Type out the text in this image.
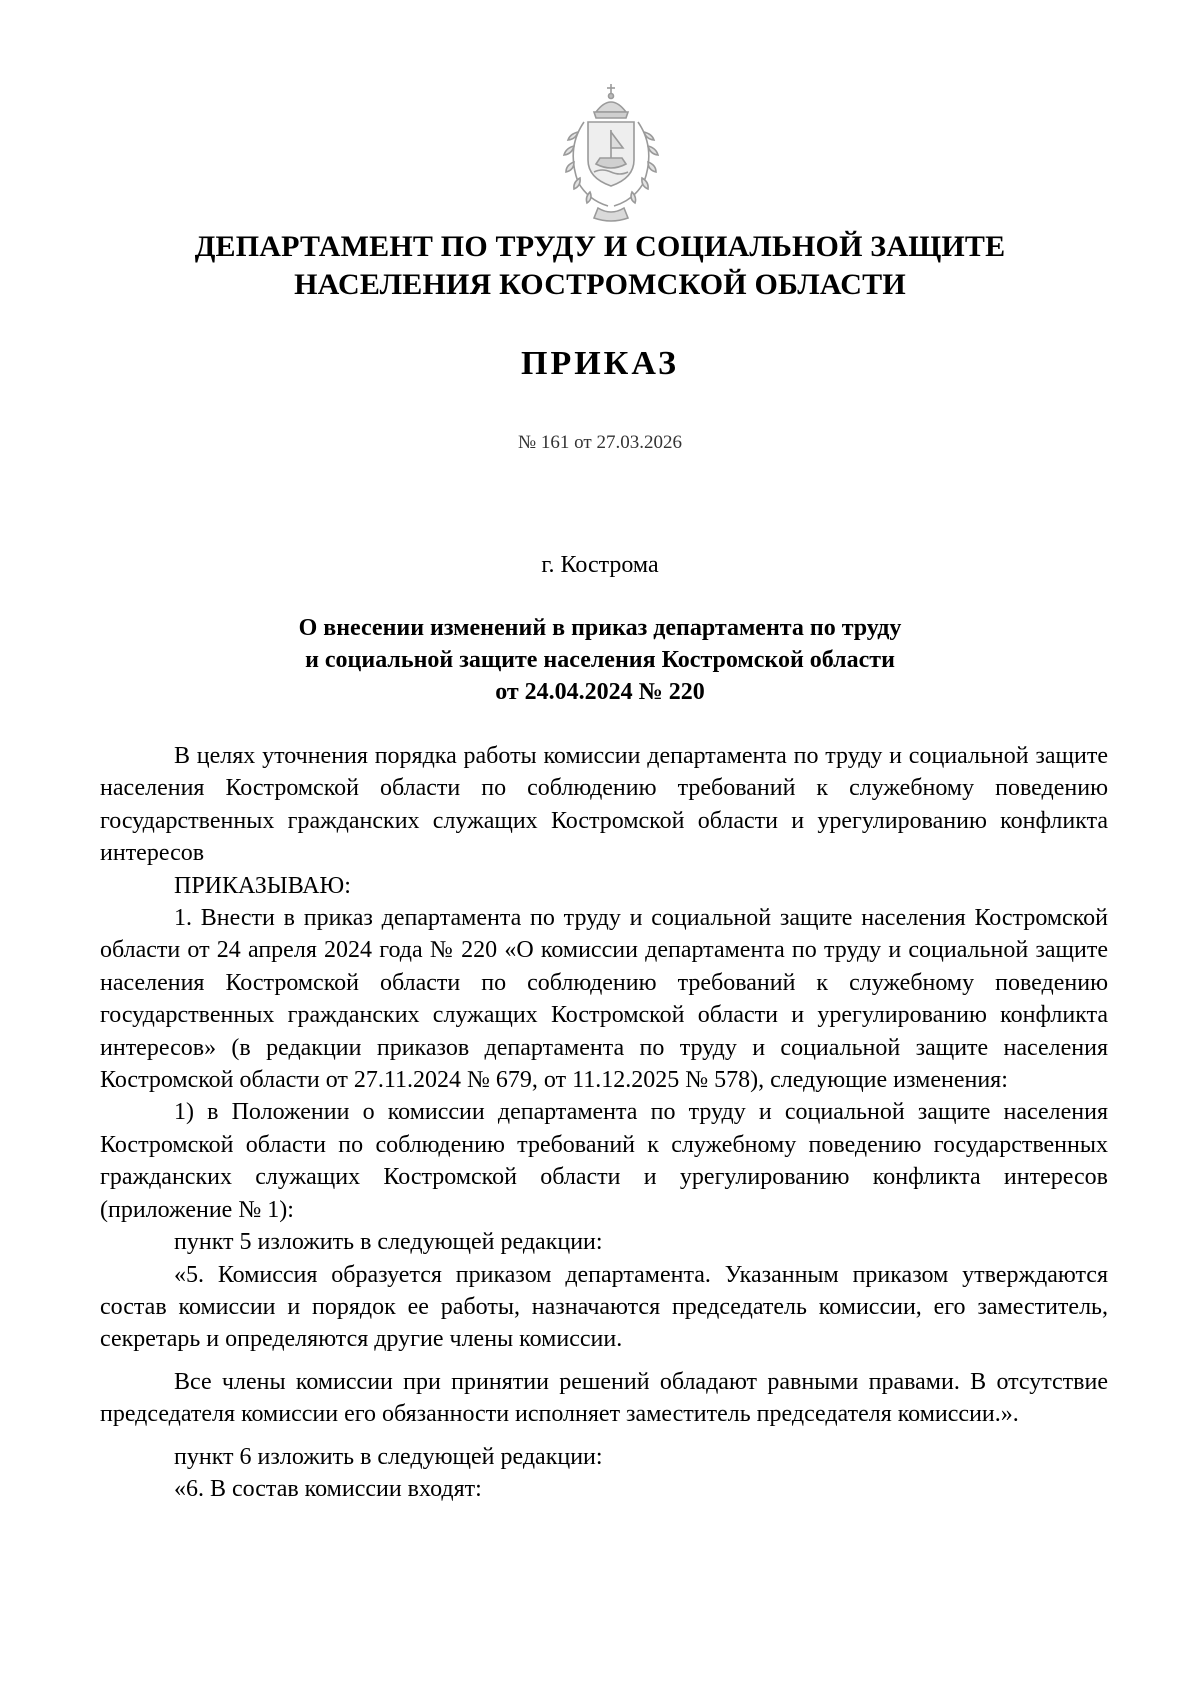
ДЕПАРТАМЕНТ ПО ТРУДУ И СОЦИАЛЬНОЙ ЗАЩИТЕ
НАСЕЛЕНИЯ КОСТРОМСКОЙ ОБЛАСТИ
ПРИКАЗ
№ 161 от 27.03.2026
г. Кострома
О внесении изменений в приказ департамента по труду
и социальной защите населения Костромской области
от 24.04.2024 № 220

В целях уточнения порядка работы комиссии департамента по труду и социальной защите населения Костромской области по соблюдению требований к служебному поведению государственных гражданских служащих Костромской области и урегулированию конфликта интересов

ПРИКАЗЫВАЮ:

1. Внести в приказ департамента по труду и социальной защите населения Костромской области от 24 апреля 2024 года № 220 «О комиссии департамента по труду и социальной защите населения Костромской области по соблюдению требований к служебному поведению государственных гражданских служащих Костромской области и урегулированию конфликта интересов» (в редакции приказов департамента по труду и социальной защите населения Костромской области от 27.11.2024 № 679, от 11.12.2025 № 578), следующие изменения:

1) в Положении о комиссии департамента по труду и социальной защите населения Костромской области по соблюдению требований к служебному поведению государственных гражданских служащих Костромской области и урегулированию конфликта интересов (приложение № 1):

пункт 5 изложить в следующей редакции:

«5. Комиссия образуется приказом департамента. Указанным приказом утверждаются состав комиссии и порядок ее работы, назначаются председатель комиссии, его заместитель, секретарь и определяются другие члены комиссии.

Все члены комиссии при принятии решений обладают равными правами. В отсутствие председателя комиссии его обязанности исполняет заместитель председателя комиссии.».

пункт 6 изложить в следующей редакции:

«6. В состав комиссии входят:
